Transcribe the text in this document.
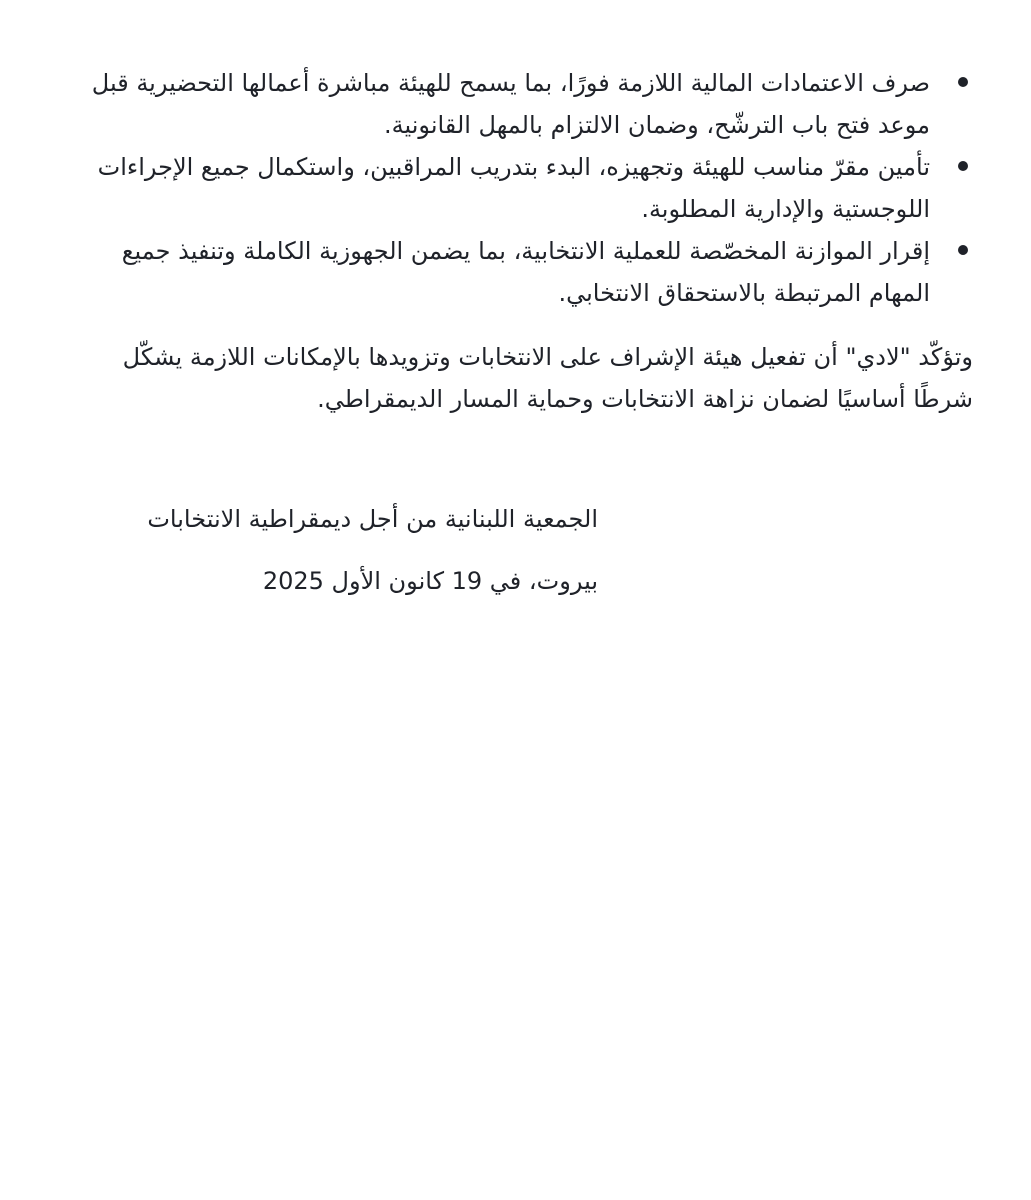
صرف الاعتمادات المالية اللازمة فورًا، بما يسمح للهيئة مباشرة أعمالها التحضيرية قبل موعد فتح باب الترشّح، وضمان الالتزام بالمهل القانونية.
تأمين مقرّ مناسب للهيئة وتجهيزه، البدء بتدريب المراقبين، واستكمال جميع الإجراءات اللوجستية والإدارية المطلوبة.
إقرار الموازنة المخصّصة للعملية الانتخابية، بما يضمن الجهوزية الكاملة وتنفيذ جميع المهام المرتبطة بالاستحقاق الانتخابي.

وتؤكّد "لادي" أن تفعيل هيئة الإشراف على الانتخابات وتزويدها بالإمكانات اللازمة يشكّل شرطًا أساسيًا لضمان نزاهة الانتخابات وحماية المسار الديمقراطي.

الجمعية اللبنانية من أجل ديمقراطية الانتخابات

بيروت، في 19 كانون الأول 2025
